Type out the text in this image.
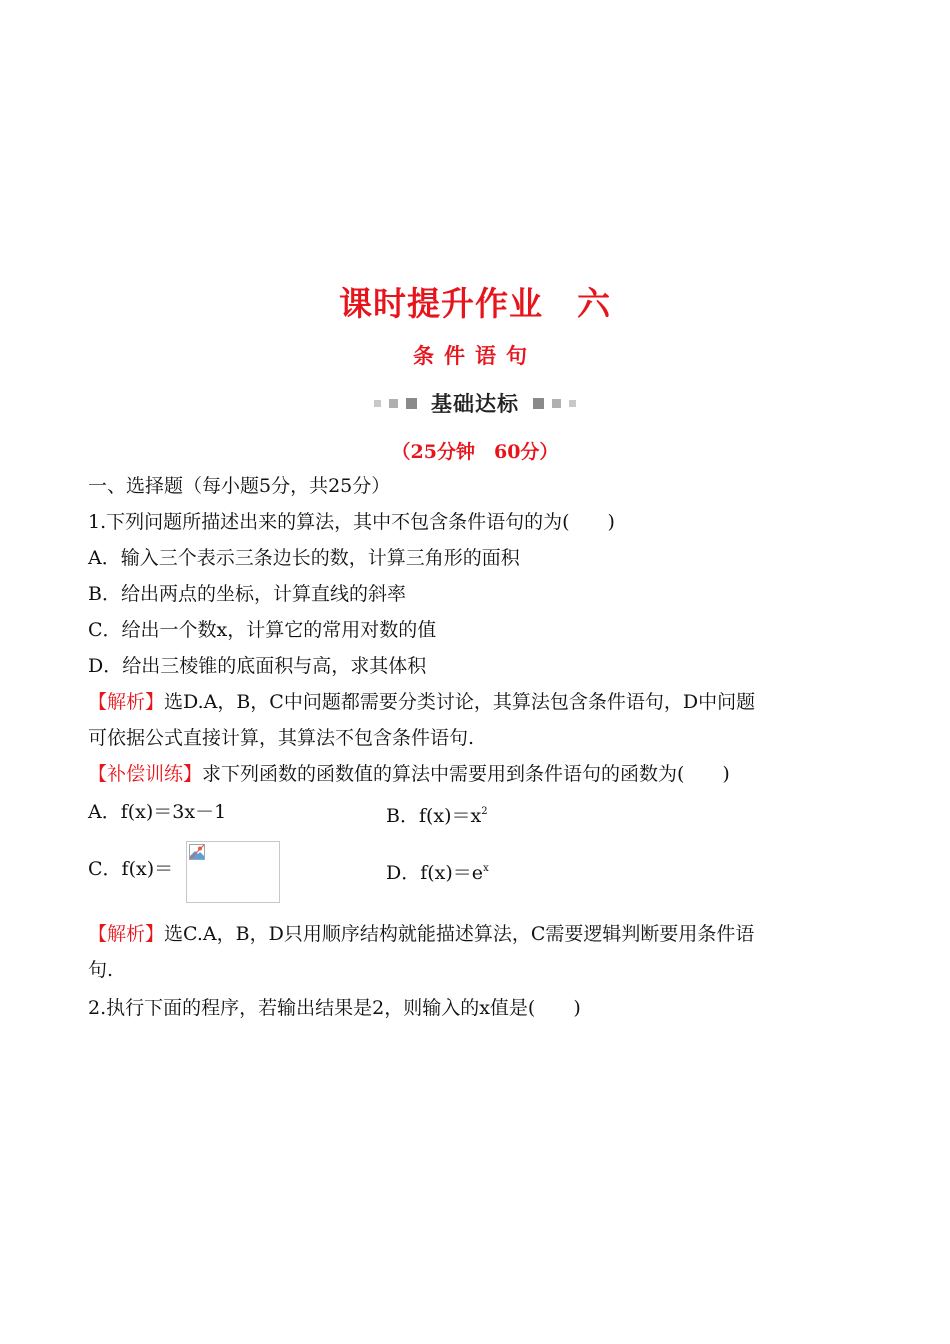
课时提升作业　六
条件语句
基础达标
（25分钟　60分）
一、选择题（每小题5分，共25分）
1.下列问题所描述出来的算法，其中不包含条件语句的为(　　)
A．输入三个表示三条边长的数，计算三角形的面积
B．给出两点的坐标，计算直线的斜率
C．给出一个数x，计算它的常用对数的值
D．给出三棱锥的底面积与高，求其体积
【解析】选D.A，B，C中问题都需要分类讨论，其算法包含条件语句，D中问题
可依据公式直接计算，其算法不包含条件语句.
【补偿训练】求下列函数的函数值的算法中需要用到条件语句的函数为(　　)
A．f(x)＝3x－1	B．$f(x)=x^2$
C．f(x)＝	D．$f(x)=e^x$
【解析】选C.A，B，D只用顺序结构就能描述算法，C需要逻辑判断要用条件语
句.
2.执行下面的程序，若输出结果是2，则输入的x值是(　　)
